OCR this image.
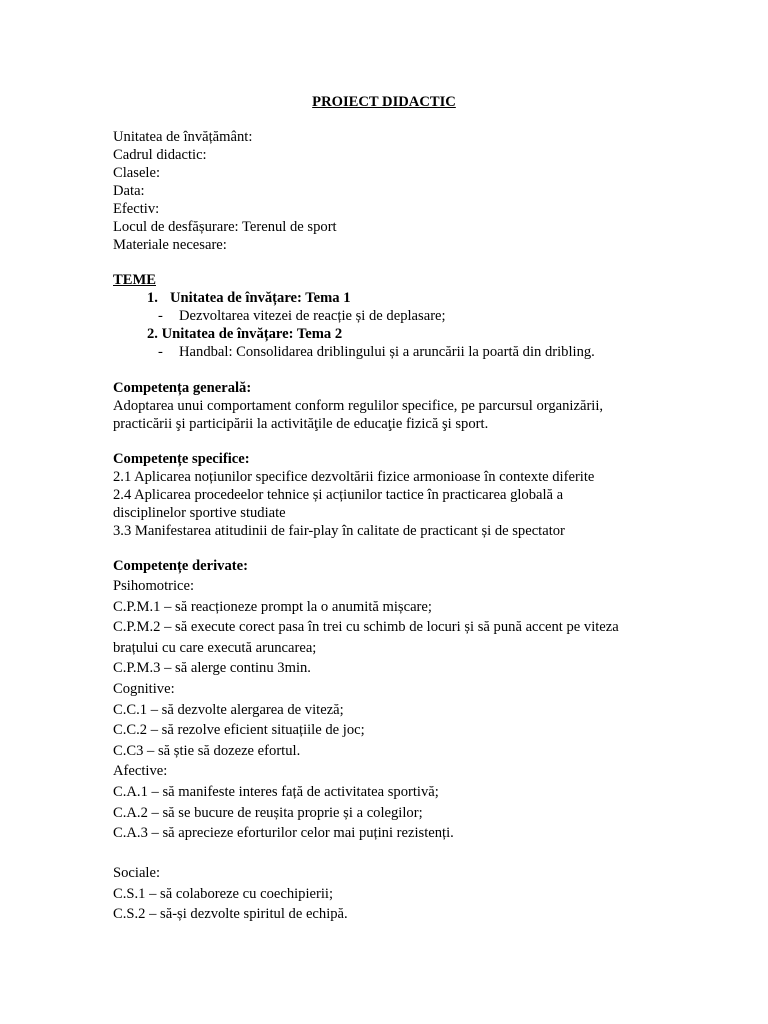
PROIECT DIDACTIC
Unitatea de învățământ:
Cadrul didactic:
Clasele:
Data:
Efectiv:
Locul de desfășurare: Terenul de sport
Materiale necesare:
TEME
1. Unitatea de învățare: Tema 1
- Dezvoltarea vitezei de reacție și de deplasare;
2. Unitatea de învățare: Tema 2
- Handbal: Consolidarea driblingului și a aruncării la poartă din dribling.
Competența generală:
Adoptarea unui comportament conform regulilor specifice, pe parcursul organizării,
practicării şi participării la activităţile de educaţie fizică şi sport.
Competențe specifice:
2.1 Aplicarea noțiunilor specifice dezvoltării fizice armonioase în contexte diferite
2.4 Aplicarea procedeelor tehnice și acțiunilor tactice în practicarea globală a
disciplinelor sportive studiate
3.3 Manifestarea atitudinii de fair-play în calitate de practicant și de spectator
Competențe derivate:
Psihomotrice:
C.P.M.1 – să reacționeze prompt la o anumită mișcare;
C.P.M.2 – să execute corect pasa în trei cu schimb de locuri și să pună accent pe viteza
brațului cu care execută aruncarea;
C.P.M.3 – să alerge continu 3min.
Cognitive:
C.C.1 – să dezvolte alergarea de viteză;
C.C.2 – să rezolve eficient situațiile de joc;
C.C3 – să știe să dozeze efortul.
Afective:
C.A.1 – să manifeste interes față de activitatea sportivă;
C.A.2 – să se bucure de reușita proprie și a colegilor;
C.A.3 – să aprecieze eforturilor celor mai puțini rezistenți.
Sociale:
C.S.1 – să colaboreze cu coechipierii;
C.S.2 – să-și dezvolte spiritul de echipă.
